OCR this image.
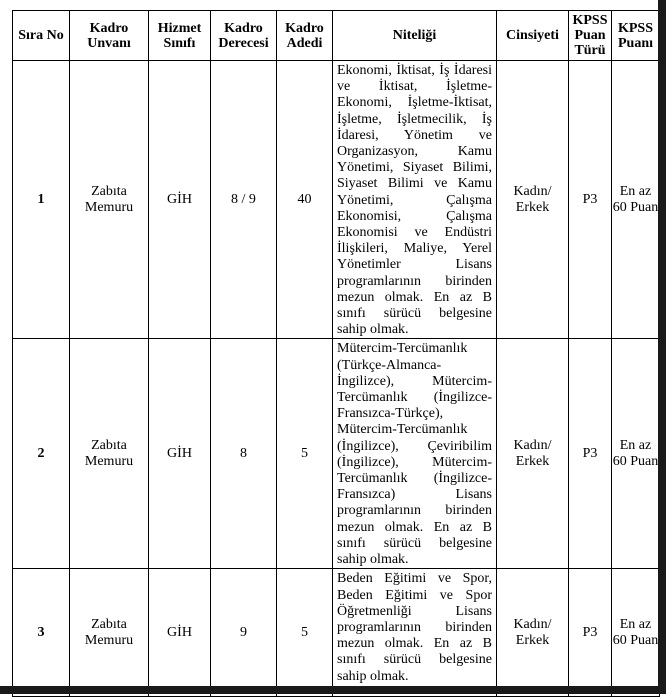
Sıra No	Kadro Unvanı	Hizmet Sınıfı	Kadro Derecesi	Kadro Adedi	Niteliği	Cinsiyeti	KPSS Puan Türü	KPSS Puanı
1	Zabıta Memuru	GİH	8 / 9	40	Ekonomi, İktisat, İş İdaresi ve İktisat, İşletme-Ekonomi, İşletme-İktisat, İşletme, İşletmecilik, İş İdaresi, Yönetim ve Organizasyon, Kamu Yönetimi, Siyaset Bilimi, Siyaset Bilimi ve Kamu Yönetimi, Çalışma Ekonomisi, Çalışma Ekonomisi ve Endüstri İlişkileri, Maliye, Yerel Yönetimler Lisans programlarının birinden mezun olmak. En az B sınıfı sürücü belgesine sahip olmak.	Kadın/ Erkek	P3	En az 60 Puan
2	Zabıta Memuru	GİH	8	5	Mütercim-Tercümanlık (Türkçe-Almanca-İngilizce), Mütercim-Tercümanlık (İngilizce-Fransızca-Türkçe), Mütercim-Tercümanlık (İngilizce), Çeviribilim (İngilizce), Mütercim-Tercümanlık (İngilizce-Fransızca) Lisans programlarının birinden mezun olmak. En az B sınıfı sürücü belgesine sahip olmak.	Kadın/ Erkek	P3	En az 60 Puan
3	Zabıta Memuru	GİH	9	5	Beden Eğitimi ve Spor, Beden Eğitimi ve Spor Öğretmenliği Lisans programlarının birinden mezun olmak. En az B sınıfı sürücü belgesine sahip olmak.	Kadın/ Erkek	P3	En az 60 Puan
